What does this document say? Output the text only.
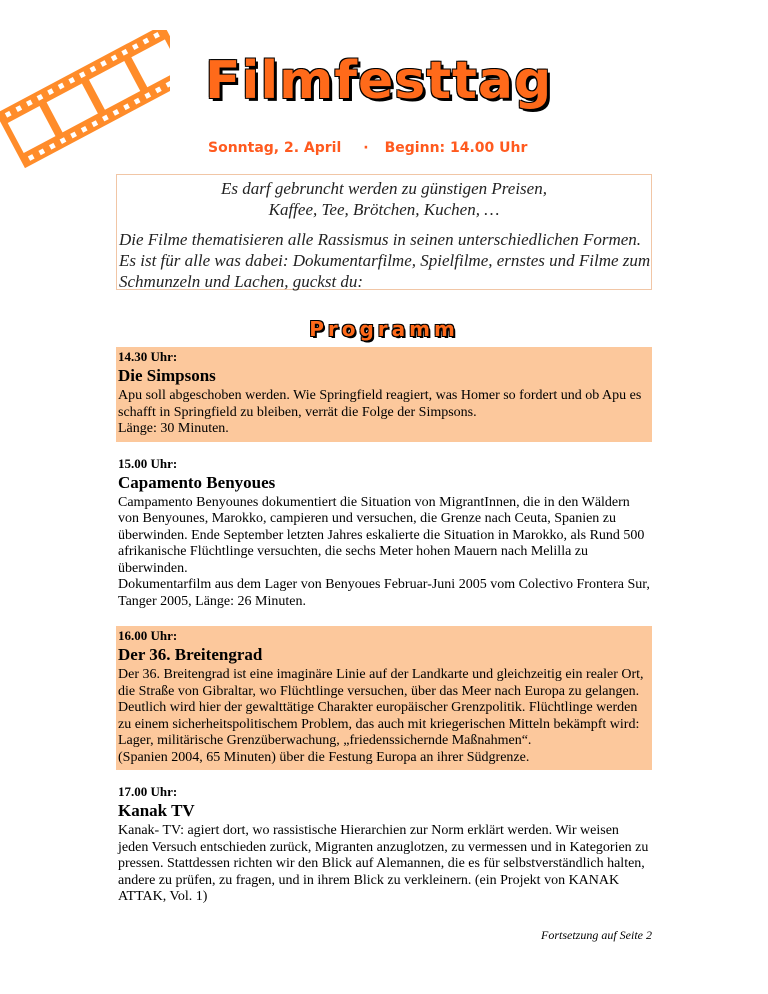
Filmfesttag
Sonntag, 2. April · Beginn: 14.00 Uhr
Es darf gebruncht werden zu günstigen Preisen,
Kaffee, Tee, Brötchen, Kuchen, …
Die Filme thematisieren alle Rassismus in seinen unterschiedlichen Formen. Es ist für alle was dabei: Dokumentarfilme, Spielfilme, ernstes und Filme zum Schmunzeln und Lachen, guckst du:
Programm
14.30 Uhr:
Die Simpsons
Apu soll abgeschoben werden. Wie Springfield reagiert, was Homer so fordert und ob Apu es schafft in Springfield zu bleiben, verrät die Folge der Simpsons.
Länge: 30 Minuten.
15.00 Uhr:
Capamento Benyoues
Campamento Benyounes dokumentiert die Situation von MigrantInnen, die in den Wäldern von Benyounes, Marokko, campieren und versuchen, die Grenze nach Ceuta, Spanien zu überwinden. Ende September letzten Jahres eskalierte die Situation in Marokko, als Rund 500 afrikanische Flüchtlinge versuchten, die sechs Meter hohen Mauern nach Melilla zu überwinden.
Dokumentarfilm aus dem Lager von Benyoues Februar-Juni 2005 vom Colectivo Frontera Sur, Tanger 2005, Länge: 26 Minuten.
16.00 Uhr:
Der 36. Breitengrad
Der 36. Breitengrad ist eine imaginäre Linie auf der Landkarte und gleichzeitig ein realer Ort, die Straße von Gibraltar, wo Flüchtlinge versuchen, über das Meer nach Europa zu gelangen.
Deutlich wird hier der gewalttätige Charakter europäischer Grenzpolitik. Flüchtlinge werden zu einem sicherheitspolitischem Problem, das auch mit kriegerischen Mitteln bekämpft wird: Lager, militärische Grenzüberwachung, „friedenssichernde Maßnahmen“.
(Spanien 2004, 65 Minuten) über die Festung Europa an ihrer Südgrenze.
17.00 Uhr:
Kanak TV
Kanak- TV: agiert dort, wo rassistische Hierarchien zur Norm erklärt werden. Wir weisen jeden Versuch entschieden zurück, Migranten anzuglotzen, zu vermessen und in Kategorien zu pressen. Stattdessen richten wir den Blick auf Alemannen, die es für selbstverständlich halten, andere zu prüfen, zu fragen, und in ihrem Blick zu verkleinern. (ein Projekt von KANAK ATTAK, Vol. 1)
Fortsetzung auf Seite 2
